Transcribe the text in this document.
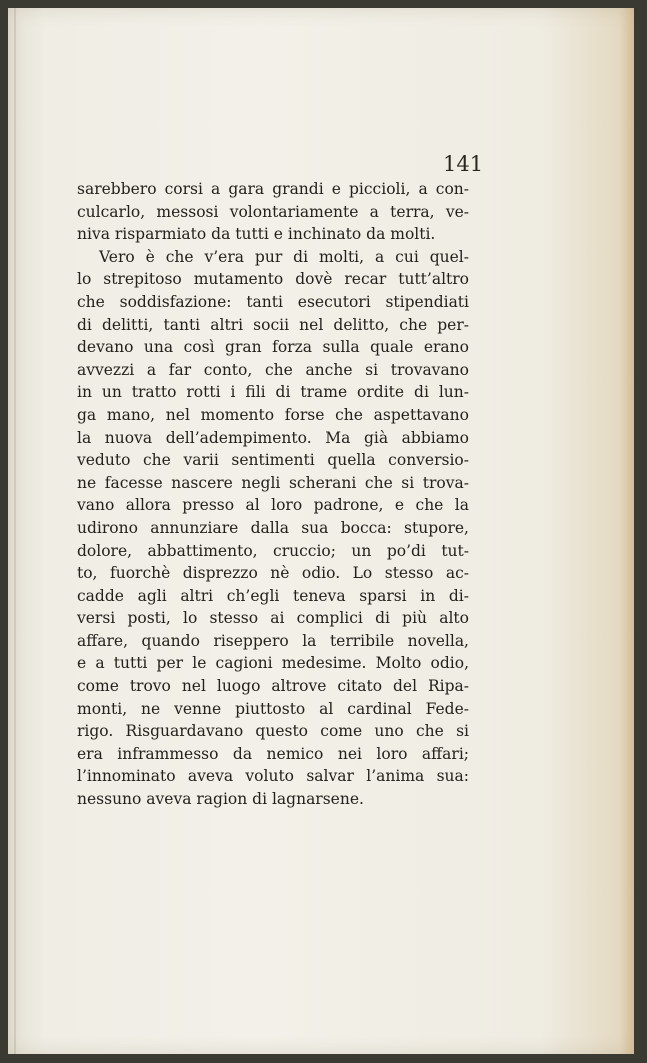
141
sarebbero corsi a gara grandi e piccioli, a con-
culcarlo, messosi volontariamente a terra, ve-
niva risparmiato da tutti e inchinato da molti.
Vero è che v’era pur di molti, a cui quel-
lo strepitoso mutamento dovè recar tutt’altro
che soddisfazione: tanti esecutori stipendiati
di delitti, tanti altri socii nel delitto, che per-
devano una così gran forza sulla quale erano
avvezzi a far conto, che anche si trovavano
in un tratto rotti i fili di trame ordite di lun-
ga mano, nel momento forse che aspettavano
la nuova dell’adempimento. Ma già abbiamo
veduto che varii sentimenti quella conversio-
ne facesse nascere negli scherani che si trova-
vano allora presso al loro padrone, e che la
udirono annunziare dalla sua bocca: stupore,
dolore, abbattimento, cruccio; un po’di tut-
to, fuorchè disprezzo nè odio. Lo stesso ac-
cadde agli altri ch’egli teneva sparsi in di-
versi posti, lo stesso ai complici di più alto
affare, quando riseppero la terribile novella,
e a tutti per le cagioni medesime. Molto odio,
come trovo nel luogo altrove citato del Ripa-
monti, ne venne piuttosto al cardinal Fede-
rigo. Risguardavano questo come uno che si
era inframmesso da nemico nei loro affari;
l’innominato aveva voluto salvar l’anima sua:
nessuno aveva ragion di lagnarsene.
